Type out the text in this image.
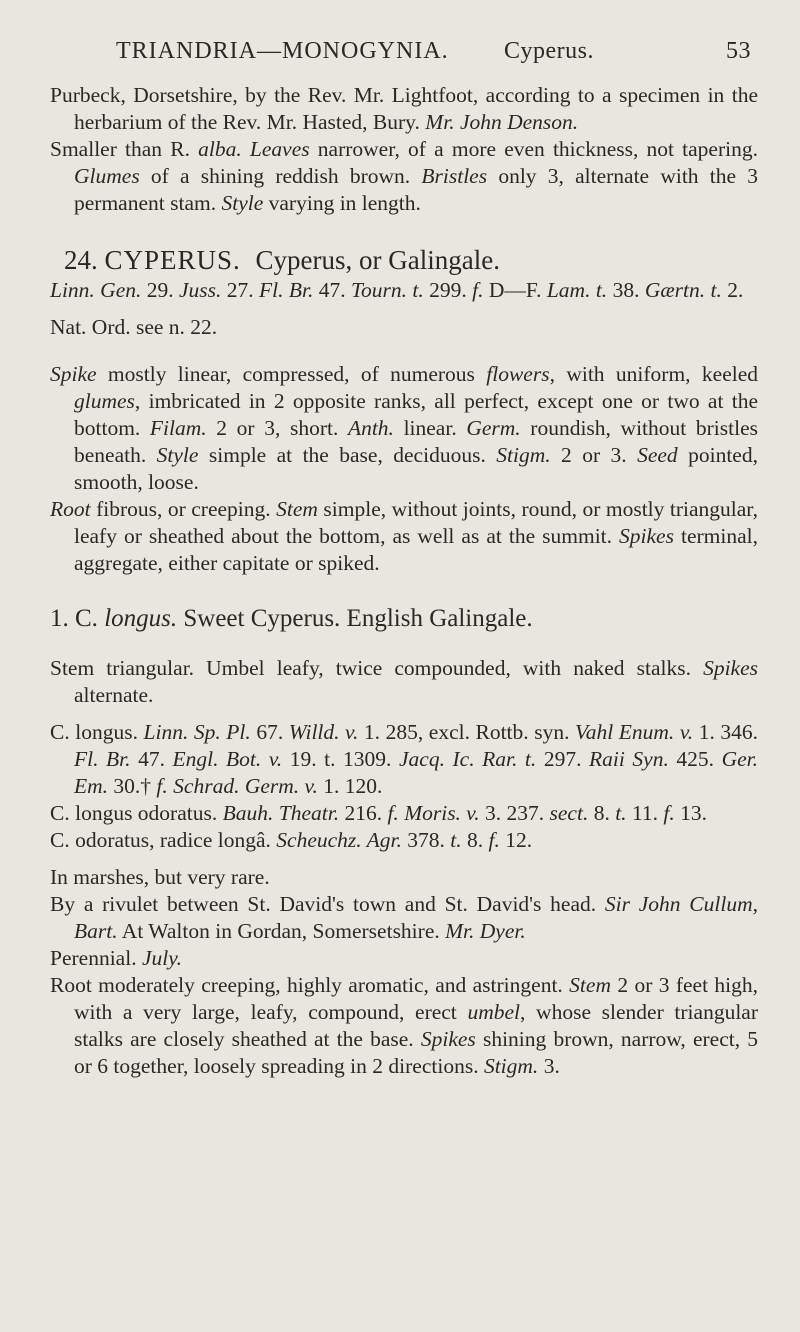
TRIANDRIA—MONOGYNIA. Cyperus.	53

Purbeck, Dorsetshire, by the Rev. Mr. Lightfoot, according to a specimen in the herbarium of the Rev. Mr. Hasted, Bury. Mr. John Denson.

Smaller than R. alba. Leaves narrower, of a more even thickness, not tapering. Glumes of a shining reddish brown. Bristles only 3, alternate with the 3 permanent stam. Style varying in length.

24. CYPERUS. Cyperus, or Galingale.

Linn. Gen. 29. Juss. 27. Fl. Br. 47. Tourn. t. 299. f. D—F. Lam. t. 38. Gærtn. t. 2.

Nat. Ord. see n. 22.

Spike mostly linear, compressed, of numerous flowers, with uniform, keeled glumes, imbricated in 2 opposite ranks, all perfect, except one or two at the bottom. Filam. 2 or 3, short. Anth. linear. Germ. roundish, without bristles beneath. Style simple at the base, deciduous. Stigm. 2 or 3. Seed pointed, smooth, loose.

Root fibrous, or creeping. Stem simple, without joints, round, or mostly triangular, leafy or sheathed about the bottom, as well as at the summit. Spikes terminal, aggregate, either capitate or spiked.

1. C. longus. Sweet Cyperus. English Galingale.

Stem triangular. Umbel leafy, twice compounded, with naked stalks. Spikes alternate.

C. longus. Linn. Sp. Pl. 67. Willd. v. 1. 285, excl. Rottb. syn. Vahl Enum. v. 1. 346. Fl. Br. 47. Engl. Bot. v. 19. t. 1309. Jacq. Ic. Rar. t. 297. Raii Syn. 425. Ger. Em. 30.† f. Schrad. Germ. v. 1. 120.

C. longus odoratus. Bauh. Theatr. 216. f. Moris. v. 3. 237. sect. 8. t. 11. f. 13.

C. odoratus, radice longâ. Scheuchz. Agr. 378. t. 8. f. 12.

In marshes, but very rare.

By a rivulet between St. David's town and St. David's head. Sir John Cullum, Bart. At Walton in Gordan, Somersetshire. Mr. Dyer.

Perennial. July.

Root moderately creeping, highly aromatic, and astringent. Stem 2 or 3 feet high, with a very large, leafy, compound, erect umbel, whose slender triangular stalks are closely sheathed at the base. Spikes shining brown, narrow, erect, 5 or 6 together, loosely spreading in 2 directions. Stigm. 3.
